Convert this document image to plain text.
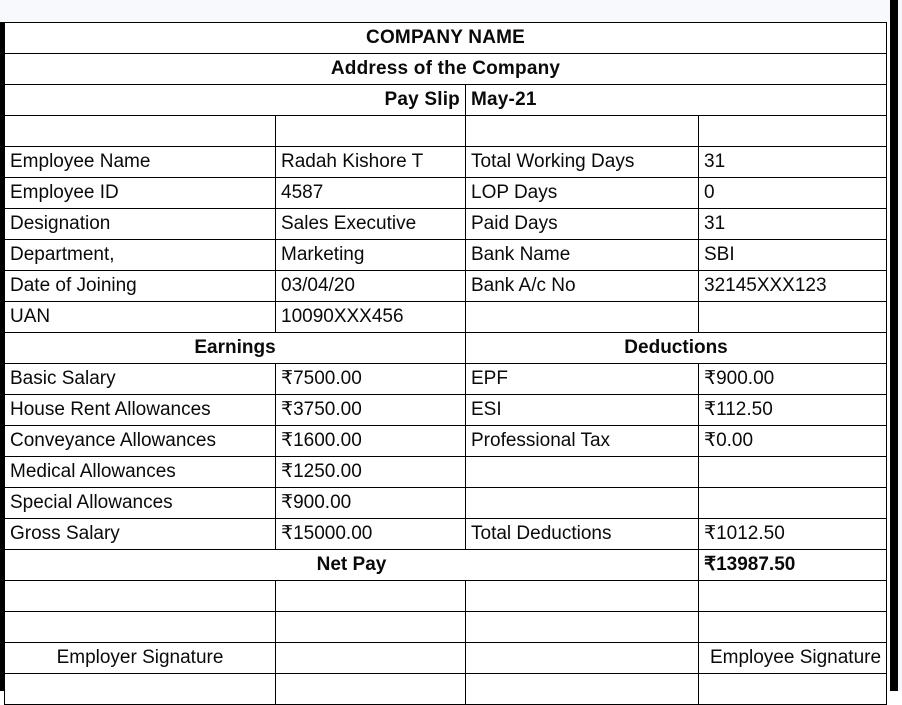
COMPANY NAME			
Address of the Company			
Pay Slip		May-21	

Employee Name	Radah Kishore T	Total Working Days	31
Employee ID	4587	LOP Days	0
Designation	Sales Executive	Paid Days	31
Department,	Marketing	Bank Name	SBI
Date of Joining	03/04/20	Bank A/c No	32145XXX123
UAN	10090XXX456		
Earnings		Deductions	
Basic Salary	₹7500.00	EPF	₹900.00
House Rent Allowances	₹3750.00	ESI	₹112.50
Conveyance Allowances	₹1600.00	Professional Tax	₹0.00
Medical Allowances	₹1250.00		
Special Allowances	₹900.00		
Gross Salary	₹15000.00	Total Deductions	₹1012.50
Net Pay			₹13987.50

Employer Signature			Employee Signature
